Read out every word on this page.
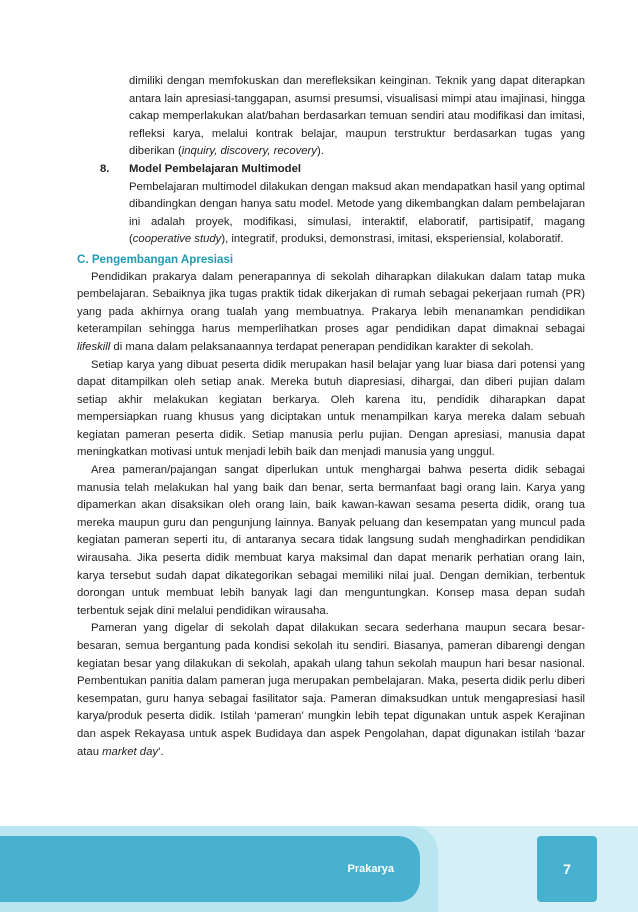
dimiliki dengan memfokuskan dan merefleksikan keinginan. Teknik yang dapat diterapkan antara lain apresiasi-tanggapan, asumsi presumsi, visualisasi mimpi atau imajinasi, hingga cakap memperlakukan alat/bahan berdasarkan temuan sendiri atau modifikasi dan imitasi, refleksi karya, melalui kontrak belajar, maupun terstruktur berdasarkan tugas yang diberikan (inquiry, discovery, recovery).

8.	Model Pembelajaran Multimodel

Pembelajaran multimodel dilakukan dengan maksud akan mendapatkan hasil yang optimal dibandingkan dengan hanya satu model. Metode yang dikembangkan dalam pembelajaran ini adalah proyek, modifikasi, simulasi, interaktif, elaboratif, partisipatif, magang (cooperative study), integratif, produksi, demonstrasi, imitasi, eksperiensial, kolaboratif.

C. Pengembangan Apresiasi

Pendidikan prakarya dalam penerapannya di sekolah diharapkan dilakukan dalam tatap muka pembelajaran. Sebaiknya jika tugas praktik tidak dikerjakan di rumah sebagai pekerjaan rumah (PR) yang pada akhirnya orang tualah yang membuatnya. Prakarya lebih menanamkan pendidikan keterampilan sehingga harus memperlihatkan proses agar pendidikan dapat dimaknai sebagai lifeskill di mana dalam pelaksanaannya terdapat penerapan pendidikan karakter di sekolah.

Setiap karya yang dibuat peserta didik merupakan hasil belajar yang luar biasa dari potensi yang dapat ditampilkan oleh setiap anak. Mereka butuh diapresiasi, dihargai, dan diberi pujian dalam setiap akhir melakukan kegiatan berkarya. Oleh karena itu, pendidik diharapkan dapat mempersiapkan ruang khusus yang diciptakan untuk menampilkan karya mereka dalam sebuah kegiatan pameran peserta didik. Setiap manusia perlu pujian. Dengan apresiasi, manusia dapat meningkatkan motivasi untuk menjadi lebih baik dan menjadi manusia yang unggul.

Area pameran/pajangan sangat diperlukan untuk menghargai bahwa peserta didik sebagai manusia telah melakukan hal yang baik dan benar, serta bermanfaat bagi orang lain. Karya yang dipamerkan akan disaksikan oleh orang lain, baik kawan-kawan sesama peserta didik, orang tua mereka maupun guru dan pengunjung lainnya. Banyak peluang dan kesempatan yang muncul pada kegiatan pameran seperti itu, di antaranya secara tidak langsung sudah menghadirkan pendidikan wirausaha. Jika peserta didik membuat karya maksimal dan dapat menarik perhatian orang lain, karya tersebut sudah dapat dikategorikan sebagai memiliki nilai jual. Dengan demikian, terbentuk dorongan untuk membuat lebih banyak lagi dan menguntungkan. Konsep masa depan sudah terbentuk sejak dini melalui pendidikan wirausaha.

Pameran yang digelar di sekolah dapat dilakukan secara sederhana maupun secara besar-besaran, semua bergantung pada kondisi sekolah itu sendiri. Biasanya, pameran dibarengi dengan kegiatan besar yang dilakukan di sekolah, apakah ulang tahun sekolah maupun hari besar nasional. Pembentukan panitia dalam pameran juga merupakan pembelajaran. Maka, peserta didik perlu diberi kesempatan, guru hanya sebagai fasilitator saja. Pameran dimaksudkan untuk mengapresiasi hasil karya/produk peserta didik. Istilah ‘pameran’ mungkin lebih tepat digunakan untuk aspek Kerajinan dan aspek Rekayasa untuk aspek Budidaya dan aspek Pengolahan, dapat digunakan istilah ‘bazar atau market day’.

Prakarya	7
